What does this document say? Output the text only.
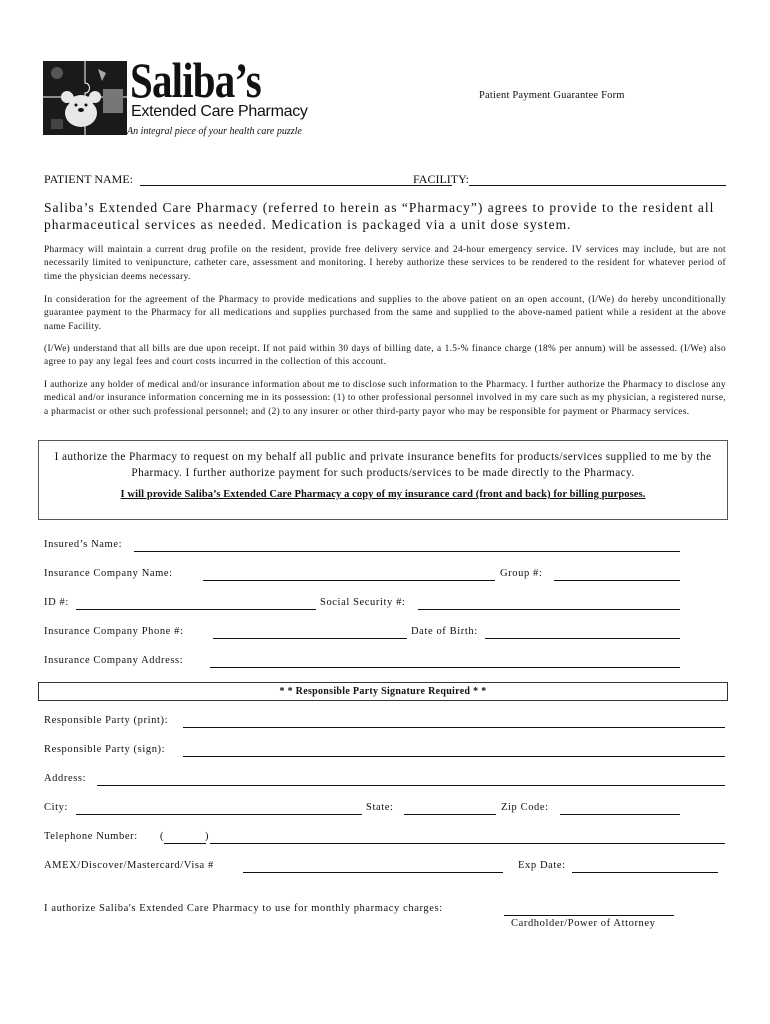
Saliba’s
Extended Care Pharmacy
An integral piece of your health care puzzle
Patient Payment Guarantee Form
PATIENT NAME:	FACILITY:
Saliba’s Extended Care Pharmacy (referred to herein as “Pharmacy”) agrees to provide to the resident all pharmaceutical services as needed. Medication is packaged via a unit dose system.
Pharmacy will maintain a current drug profile on the resident, provide free delivery service and 24-hour emergency service. IV services may include, but are not necessarily limited to venipuncture, catheter care, assessment and monitoring. I hereby authorize these services to be rendered to the resident for whatever period of time the physician deems necessary.
In consideration for the agreement of the Pharmacy to provide medications and supplies to the above patient on an open account, (I/We) do hereby unconditionally guarantee payment to the Pharmacy for all medications and supplies purchased from the same and supplied to the above-named patient while a resident at the above name Facility.
(I/We) understand that all bills are due upon receipt. If not paid within 30 days of billing date, a 1.5-% finance charge (18% per annum) will be assessed. (I/We) also agree to pay any legal fees and court costs incurred in the collection of this account.
I authorize any holder of medical and/or insurance information about me to disclose such information to the Pharmacy. I further authorize the Pharmacy to disclose any medical and/or insurance information concerning me in its possession: (1) to other professional personnel involved in my care such as my physician, a registered nurse, a pharmacist or other such professional personnel; and (2) to any insurer or other third-party payor who may be responsible for payment or Pharmacy services.
I authorize the Pharmacy to request on my behalf all public and private insurance benefits for products/services supplied to me by the Pharmacy. I further authorize payment for such products/services to be made directly to the Pharmacy.
I will provide Saliba’s Extended Care Pharmacy a copy of my insurance card (front and back) for billing purposes.
Insured’s Name:
Insurance Company Name:	Group #:
ID #:	Social Security #:
Insurance Company Phone #:	Date of Birth:
Insurance Company Address:
* * Responsible Party Signature Required * *
Responsible Party (print):
Responsible Party (sign):
Address:
City:	State:	Zip Code:
Telephone Number: (	)
AMEX/Discover/Mastercard/Visa #	Exp Date:
I authorize Saliba's Extended Care Pharmacy to use for monthly pharmacy charges:
Cardholder/Power of Attorney
